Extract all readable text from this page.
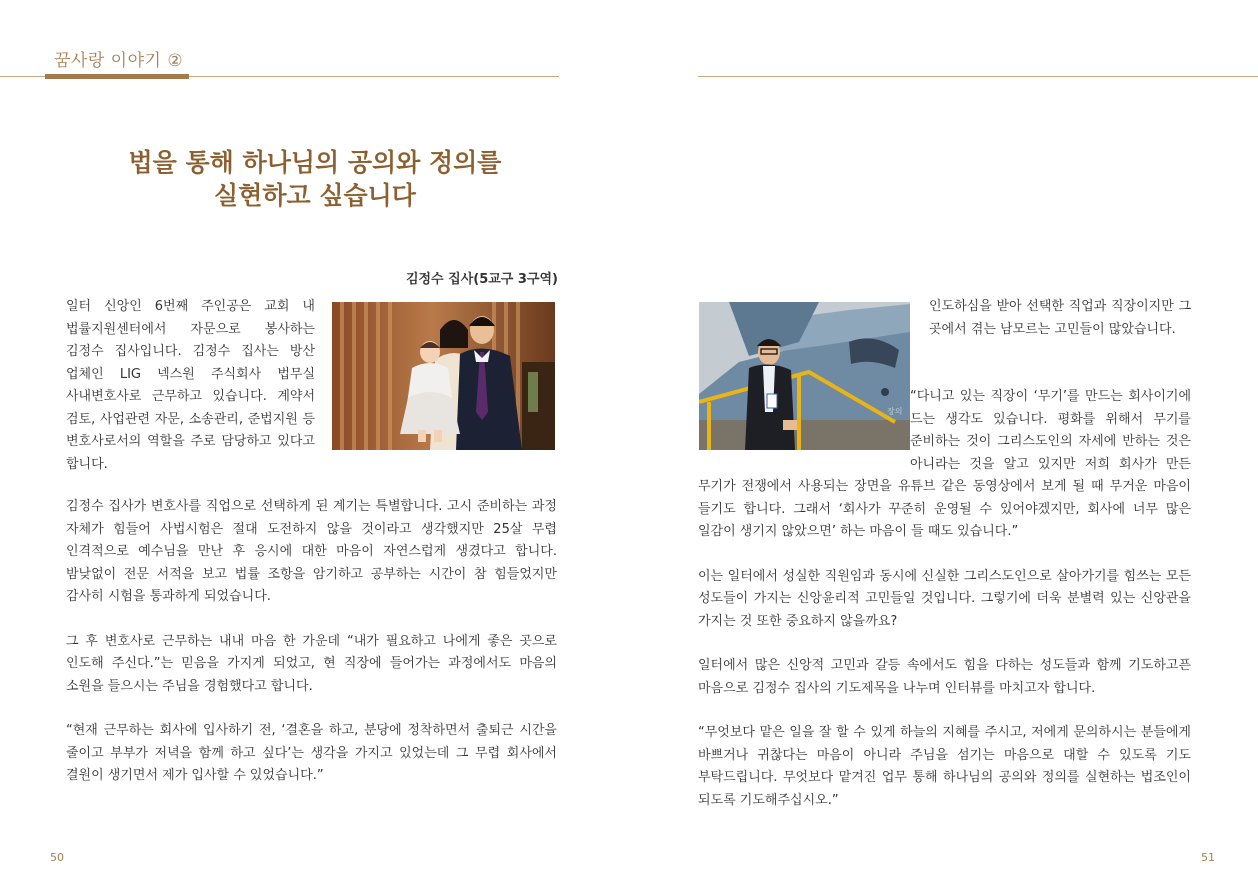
꿈사랑 이야기 ②
법을 통해 하나님의 공의와 정의를
실현하고 싶습니다
김정수 집사(5교구 3구역)

일터 신앙인 6번째 주인공은 교회 내 법률지원센터에서 자문으로 봉사하는 김정수 집사입니다. 김정수 집사는 방산 업체인 LIG 넥스원 주식회사 법무실 사내변호사로 근무하고 있습니다. 계약서 검토, 사업관련 자문, 소송관리, 준법지원 등 변호사로서의 역할을 주로 담당하고 있다고 합니다.

김정수 집사가 변호사를 직업으로 선택하게 된 계기는 특별합니다. 고시 준비하는 과정 자체가 힘들어 사법시험은 절대 도전하지 않을 것이라고 생각했지만 25살 무렵 인격적으로 예수님을 만난 후 응시에 대한 마음이 자연스럽게 생겼다고 합니다. 밤낮없이 전문 서적을 보고 법률 조항을 암기하고 공부하는 시간이 참 힘들었지만 감사히 시험을 통과하게 되었습니다.

그 후 변호사로 근무하는 내내 마음 한 가운데 “내가 필요하고 나에게 좋은 곳으로 인도해 주신다.”는 믿음을 가지게 되었고, 현 직장에 들어가는 과정에서도 마음의 소원을 들으시는 주님을 경험했다고 합니다.

“현재 근무하는 회사에 입사하기 전, ‘결혼을 하고, 분당에 정착하면서 출퇴근 시간을 줄이고 부부가 저녁을 함께 하고 싶다’는 생각을 가지고 있었는데 그 무렵 회사에서 결원이 생기면서 제가 입사할 수 있었습니다.”

50
장의

인도하심을 받아 선택한 직업과 직장이지만 그 곳에서 겪는 남모르는 고민들이 많았습니다.

“다니고 있는 직장이 ‘무기’를 만드는 회사이기에 드는 생각도 있습니다. 평화를 위해서 무기를 준비하는 것이 그리스도인의 자세에 반하는 것은 아니라는 것을 알고 있지만 저희 회사가 만든 무기가 전쟁에서 사용되는 장면을 유튜브 같은 동영상에서 보게 될 때 무거운 마음이 들기도 합니다. 그래서 ‘회사가 꾸준히 운영될 수 있어야겠지만, 회사에 너무 많은 일감이 생기지 않았으면’ 하는 마음이 들 때도 있습니다.”

이는 일터에서 성실한 직원임과 동시에 신실한 그리스도인으로 살아가기를 힘쓰는 모든 성도들이 가지는 신앙윤리적 고민들일 것입니다. 그렇기에 더욱 분별력 있는 신앙관을 가지는 것 또한 중요하지 않을까요?

일터에서 많은 신앙적 고민과 갈등 속에서도 힘을 다하는 성도들과 함께 기도하고픈 마음으로 김정수 집사의 기도제목을 나누며 인터뷰를 마치고자 합니다.

“무엇보다 맡은 일을 잘 할 수 있게 하늘의 지혜를 주시고, 저에게 문의하시는 분들에게 바쁘거나 귀찮다는 마음이 아니라 주님을 섬기는 마음으로 대할 수 있도록 기도 부탁드립니다. 무엇보다 맡겨진 업무 통해 하나님의 공의와 정의를 실현하는 법조인이 되도록 기도해주십시오.”

51
